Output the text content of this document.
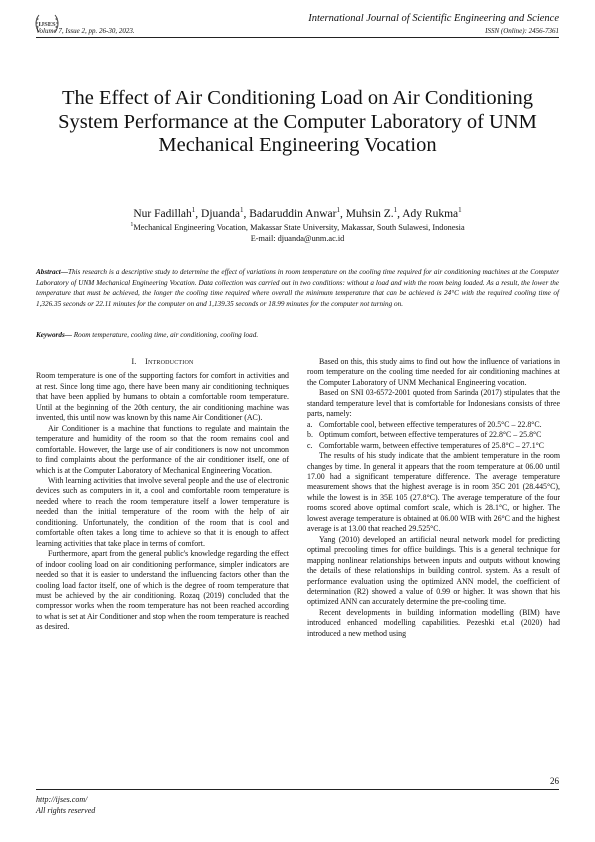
IJSES
International Journal of Scientific Engineering and Science
Volume 7, Issue 2, pp. 26-30, 2023.	ISSN (Online): 2456-7361
The Effect of Air Conditioning Load on Air Conditioning System Performance at the Computer Laboratory of UNM Mechanical Engineering Vocation
Nur Fadillah$^1$, Djuanda$^1$, Badaruddin Anwar$^1$, Muhsin Z.$^1$, Ady Rukma$^1$
$^1$Mechanical Engineering Vocation, Makassar State University, Makassar, South Sulawesi, Indonesia
E-mail: djuanda@unm.ac.id
Abstract—This research is a descriptive study to determine the effect of variations in room temperature on the cooling time required for air conditioning machines at the Computer Laboratory of UNM Mechanical Engineering Vocation. Data collection was carried out in two conditions: without a load and with the room being loaded. As a result, the lower the temperature that must be achieved, the longer the cooling time required where overall the minimum temperature that can be achieved is 24°C with the required cooling time of 1,326.35 seconds or 22.11 minutes for the computer on and 1,139.35 seconds or 18.99 minutes for the computer not turning on.
Keywords— Room temperature, cooling time, air conditioning, cooling load.
I. Introduction

Room temperature is one of the supporting factors for comfort in activities and at rest. Since long time ago, there have been many air conditioning techniques that have been applied by humans to obtain a comfortable room temperature. Until at the beginning of the 20th century, the air conditioning machine was invented, this until now was known by this name Air Conditioner (AC).

Air Conditioner is a machine that functions to regulate and maintain the temperature and humidity of the room so that the room remains cool and comfortable. However, the large use of air conditioners is now not uncommon to find complaints about the performance of the air conditioner itself, one of which is at the Computer Laboratory of Mechanical Engineering Vocation.

With learning activities that involve several people and the use of electronic devices such as computers in it, a cool and comfortable room temperature is needed where to reach the room temperature itself a lower temperature is needed than the initial temperature of the room with the help of air conditioning. Unfortunately, the condition of the room that is cool and comfortable often takes a long time to achieve so that it is enough to affect learning activities that take place in terms of comfort.

Furthermore, apart from the general public's knowledge regarding the effect of indoor cooling load on air conditioning performance, simpler indicators are needed so that it is easier to understand the influencing factors other than the cooling load factor itself, one of which is the degree of room temperature that must be achieved by the air conditioning. Rozaq (2019) concluded that the compressor works when the room temperature has not been reached according to what is set at Air Conditioner and stop when the room temperature is reached as desired.

Based on this, this study aims to find out how the influence of variations in room temperature on the cooling time needed for air conditioning machines at the Computer Laboratory of UNM Mechanical Engineering vocation.

Based on SNI 03-6572-2001 quoted from Sarinda (2017) stipulates that the standard temperature level that is comfortable for Indonesians consists of three parts, namely:

a. Comfortable cool, between effective temperatures of 20.5°C – 22.8°C.
b. Optimum comfort, between effective temperatures of 22.8°C – 25.8°C
c. Comfortable warm, between effective temperatures of 25.8°C – 27.1°C

The results of his study indicate that the ambient temperature in the room changes by time. In general it appears that the room temperature at 06.00 until 17.00 had a significant temperature difference. The average temperature measurement shows that the highest average is in room 35C 201 (28.445°C), while the lowest is in 35E 105 (27.8°C). The average temperature of the four rooms scored above optimal comfort scale, which is 28.1°C, or higher. The lowest average temperature is obtained at 06.00 WIB with 26°C and the highest average is at 13.00 that reached 29.525°C.

Yang (2010) developed an artificial neural network model for predicting optimal precooling times for office buildings. This is a general technique for mapping nonlinear relationships between inputs and outputs without knowing the details of these relationships in building control. system. As a result of performance evaluation using the optimized ANN model, the coefficient of determination (R2) showed a value of 0.99 or higher. It was shown that his optimized ANN can accurately determine the pre-cooling time.

Recent developments in building information modelling (BIM) have introduced enhanced modelling capabilities. Pezeshki et.al (2020) had introduced a new method using

26
http://ijses.com/
All rights reserved
